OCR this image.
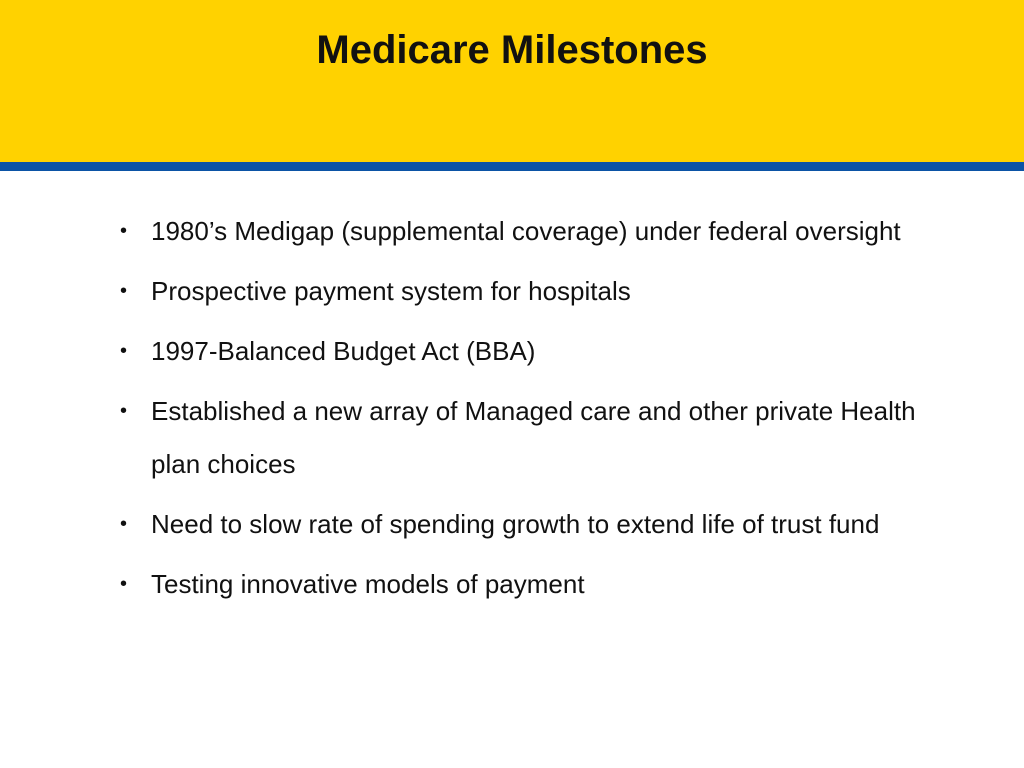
Medicare Milestones
• 1980’s Medigap (supplemental coverage) under federal oversight
• Prospective payment system for hospitals
• 1997-Balanced Budget Act (BBA)
• Established a new array of Managed care and other private Health plan choices
• Need to slow rate of spending growth to extend life of trust fund
• Testing innovative models of payment
